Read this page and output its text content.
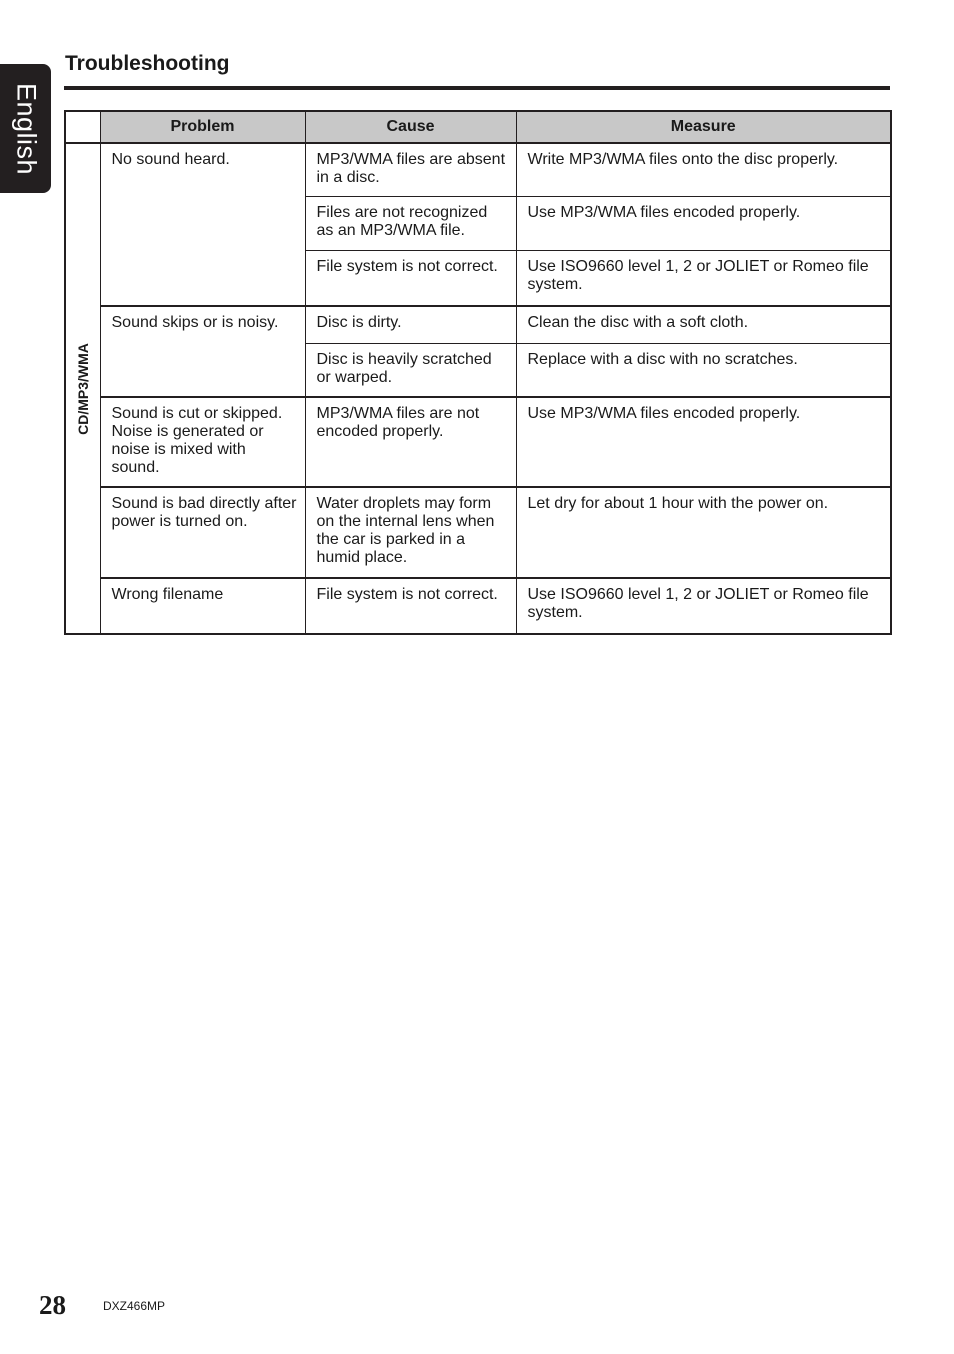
English
Troubleshooting
	Problem	Cause	Measure

CD/MP3/WMA	No sound heard.	MP3/WMA files are absent in a disc.	Write MP3/WMA files onto the disc properly.
		Files are not recognized as an MP3/WMA file.	Use MP3/WMA files encoded properly.
		File system is not correct.	Use ISO9660 level 1, 2 or JOLIET or Romeo file system.
	Sound skips or is noisy.	Disc is dirty.	Clean the disc with a soft cloth.
		Disc is heavily scratched or warped.	Replace with a disc with no scratches.
	Sound is cut or skipped. Noise is generated or noise is mixed with sound.	MP3/WMA files are not encoded properly.	Use MP3/WMA files encoded properly.
	Sound is bad directly after power is turned on.	Water droplets may form on the internal lens when the car is parked in a humid place.	Let dry for about 1 hour with the power on.
	Wrong filename	File system is not correct.	Use ISO9660 level 1, 2 or JOLIET or Romeo file system.
28	DXZ466MP
